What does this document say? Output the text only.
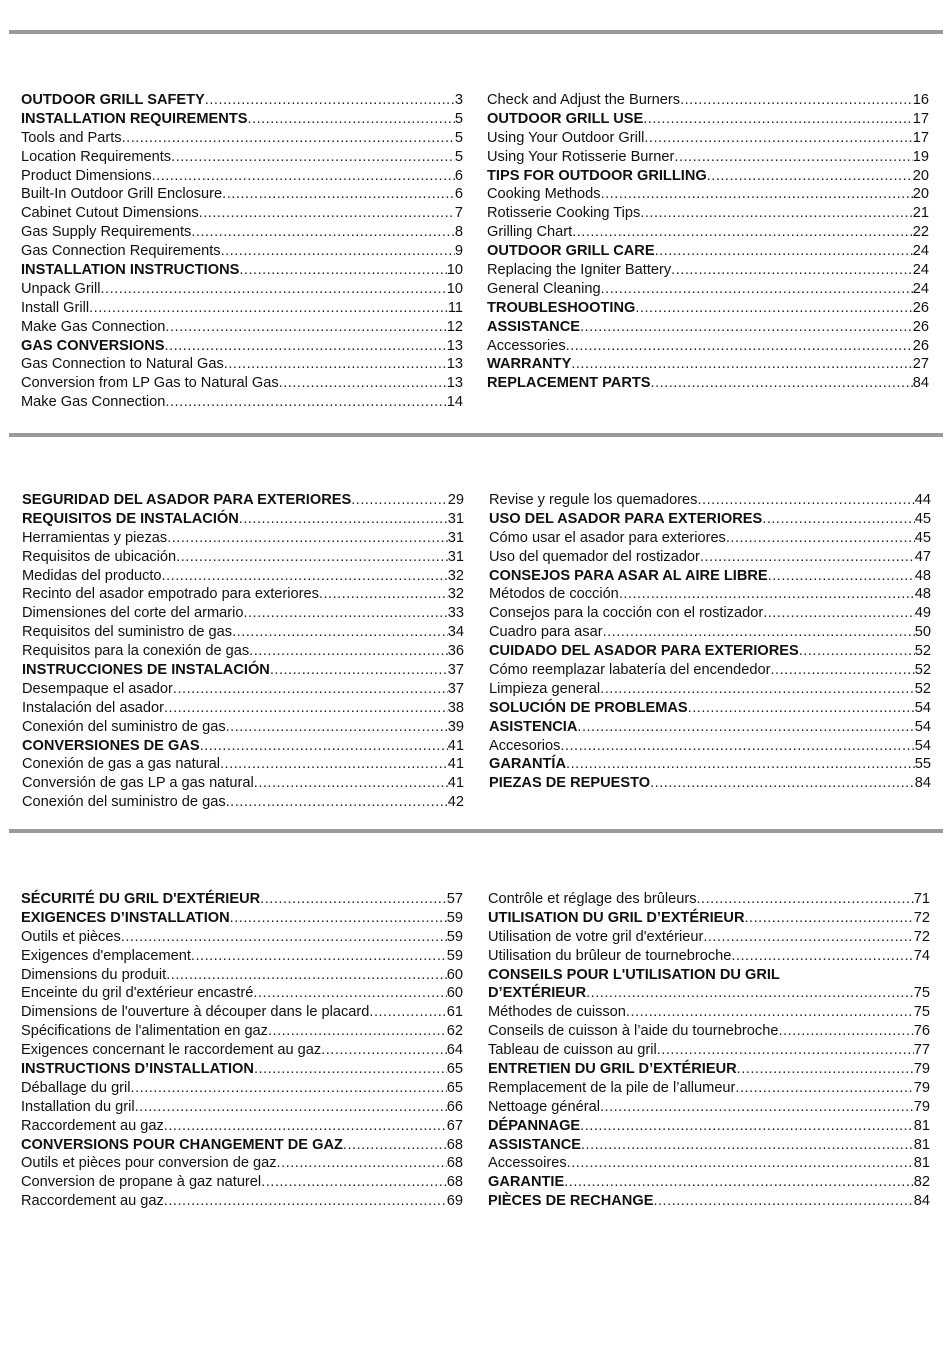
OUTDOOR GRILL SAFETY .....	3
INSTALLATION REQUIREMENTS .....	5
Tools and Parts .....	5
Location Requirements .....	5
Product Dimensions .....	6
Built-In Outdoor Grill Enclosure .....	6
Cabinet Cutout Dimensions .....	7
Gas Supply Requirements .....	8
Gas Connection Requirements .....	9
INSTALLATION INSTRUCTIONS .....	10
Unpack Grill .....	10
Install Grill .....	11
Make Gas Connection .....	12
GAS CONVERSIONS .....	13
Gas Connection to Natural Gas .....	13
Conversion from LP Gas to Natural Gas .....	13
Make Gas Connection .....	14
Check and Adjust the Burners .....	16
OUTDOOR GRILL USE .....	17
Using Your Outdoor Grill .....	17
Using Your Rotisserie Burner .....	19
TIPS FOR OUTDOOR GRILLING .....	20
Cooking Methods .....	20
Rotisserie Cooking Tips .....	21
Grilling Chart .....	22
OUTDOOR GRILL CARE .....	24
Replacing the Igniter Battery .....	24
General Cleaning .....	24
TROUBLESHOOTING .....	26
ASSISTANCE .....	26
Accessories .....	26
WARRANTY .....	27
REPLACEMENT PARTS .....	84
SEGURIDAD DEL ASADOR PARA EXTERIORES .....	29
REQUISITOS DE INSTALACIÓN .....	31
Herramientas y piezas .....	31
Requisitos de ubicación .....	31
Medidas del producto .....	32
Recinto del asador empotrado para exteriores .....	32
Dimensiones del corte del armario .....	33
Requisitos del suministro de gas .....	34
Requisitos para la conexión de gas .....	36
INSTRUCCIONES DE INSTALACIÓN .....	37
Desempaque el asador .....	37
Instalación del asador .....	38
Conexión del suministro de gas .....	39
CONVERSIONES DE GAS .....	41
Conexión de gas a gas natural .....	41
Conversión de gas LP a gas natural .....	41
Conexión del suministro de gas .....	42
Revise y regule los quemadores .....	44
USO DEL ASADOR PARA EXTERIORES .....	45
Cómo usar el asador para exteriores .....	45
Uso del quemador del rostizador .....	47
CONSEJOS PARA ASAR AL AIRE LIBRE .....	48
Métodos de cocción .....	48
Consejos para la cocción con el rostizador .....	49
Cuadro para asar .....	50
CUIDADO DEL ASADOR PARA EXTERIORES .....	52
Cómo reemplazar labatería del encendedor .....	52
Limpieza general .....	52
SOLUCIÓN DE PROBLEMAS .....	54
ASISTENCIA .....	54
Accesorios .....	54
GARANTÍA .....	55
PIEZAS DE REPUESTO .....	84
SÉCURITÉ DU GRIL D'EXTÉRIEUR .....	57
EXIGENCES D’INSTALLATION .....	59
Outils et pièces .....	59
Exigences d'emplacement .....	59
Dimensions du produit .....	60
Enceinte du gril d'extérieur encastré .....	60
Dimensions de l'ouverture à découper dans le placard .....	61
Spécifications de l'alimentation en gaz .....	62
Exigences concernant le raccordement au gaz .....	64
INSTRUCTIONS D’INSTALLATION .....	65
Déballage du gril .....	65
Installation du gril .....	66
Raccordement au gaz .....	67
CONVERSIONS POUR CHANGEMENT DE GAZ .....	68
Outils et pièces pour conversion de gaz .....	68
Conversion de propane à gaz naturel .....	68
Raccordement au gaz .....	69
Contrôle et réglage des brûleurs .....	71
UTILISATION DU GRIL D’EXTÉRIEUR .....	72
Utilisation de votre gril d'extérieur .....	72
Utilisation du brûleur de tournebroche .....	74
CONSEILS POUR L'UTILISATION DU GRIL
D’EXTÉRIEUR .....	75
Méthodes de cuisson .....	75
Conseils de cuisson à l’aide du tournebroche .....	76
Tableau de cuisson au gril .....	77
ENTRETIEN DU GRIL D’EXTÉRIEUR .....	79
Remplacement de la pile de l’allumeur .....	79
Nettoage général .....	79
DÉPANNAGE .....	81
ASSISTANCE .....	81
Accessoires .....	81
GARANTIE .....	82
PIÈCES DE RECHANGE .....	84
